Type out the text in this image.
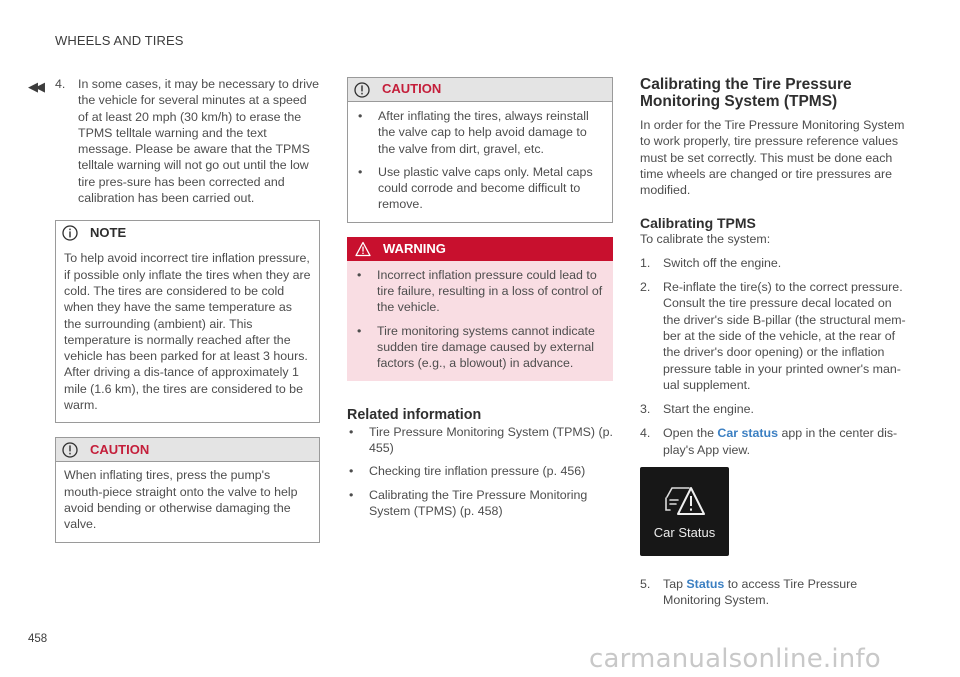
WHEELS AND TIRES
◀◀
458
4.	In some cases, it may be necessary to drive the vehicle for several minutes at a speed of at least 20 mph (30 km/h) to erase the TPMS telltale warning and the text message. Please be aware that the TPMS telltale warning will not go out until the low tire pres-sure has been corrected and calibration has been carried out.
NOTE
To help avoid incorrect tire inflation pressure, if possible only inflate the tires when they are cold. The tires are considered to be cold when they have the same temperature as the surrounding (ambient) air. This temperature is normally reached after the vehicle has been parked for at least 3 hours. After driving a dis-tance of approximately 1 mile (1.6 km), the tires are considered to be warm.
CAUTION
When inflating tires, press the pump's mouth-piece straight onto the valve to help avoid bending or otherwise damaging the valve.
CAUTION
•	After inflating the tires, always reinstall the valve cap to help avoid damage to the valve from dirt, gravel, etc.
•	Use plastic valve caps only. Metal caps could corrode and become difficult to remove.
WARNING
•	Incorrect inflation pressure could lead to tire failure, resulting in a loss of control of the vehicle.
•	Tire monitoring systems cannot indicate sudden tire damage caused by external factors (e.g., a blowout) in advance.
Related information
•	Tire Pressure Monitoring System (TPMS) (p. 455)
•	Checking tire inflation pressure (p. 456)
•	Calibrating the Tire Pressure Monitoring System (TPMS) (p. 458)
Calibrating the Tire Pressure Monitoring System (TPMS)
In order for the Tire Pressure Monitoring System to work properly, tire pressure reference values must be set correctly. This must be done each time wheels are changed or tire pressures are modified.
Calibrating TPMS
To calibrate the system:
1.	Switch off the engine.
2.	Re-inflate the tire(s) to the correct pressure. Consult the tire pressure decal located on the driver's side B-pillar (the structural mem-ber at the side of the vehicle, at the rear of the driver's door opening) or the inflation pressure table in your printed owner's man-ual supplement.
3.	Start the engine.
4.	Open the Car status app in the center dis-play's App view.
Car Status
5.	Tap Status to access Tire Pressure Monitoring System.
carmanualsonline.info
